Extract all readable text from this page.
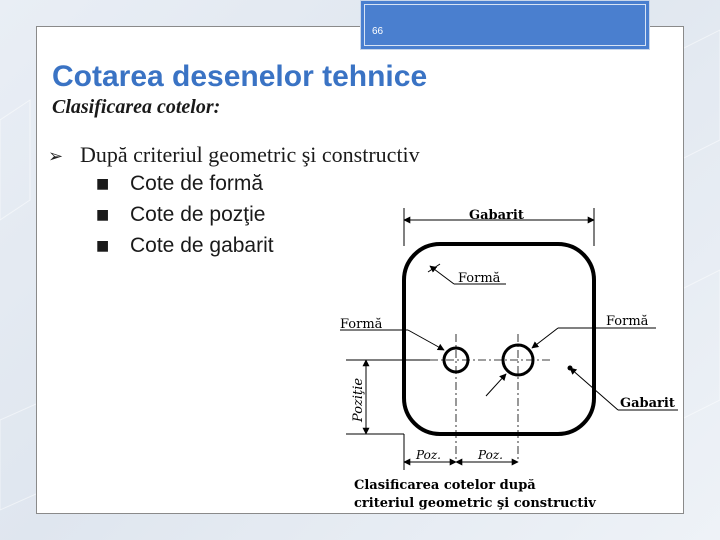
66
Cotarea desenelor tehnice
Clasificarea cotelor:
➢ După criteriul geometric şi constructiv
■ Cote de formă
■ Cote de pozţie
■ Cote de gabarit
Gabarit
Formă
Formă	Formă
Gabarit
Poziţie
Poz.	Poz.
Clasificarea cotelor după
criteriul geometric şi constructiv
